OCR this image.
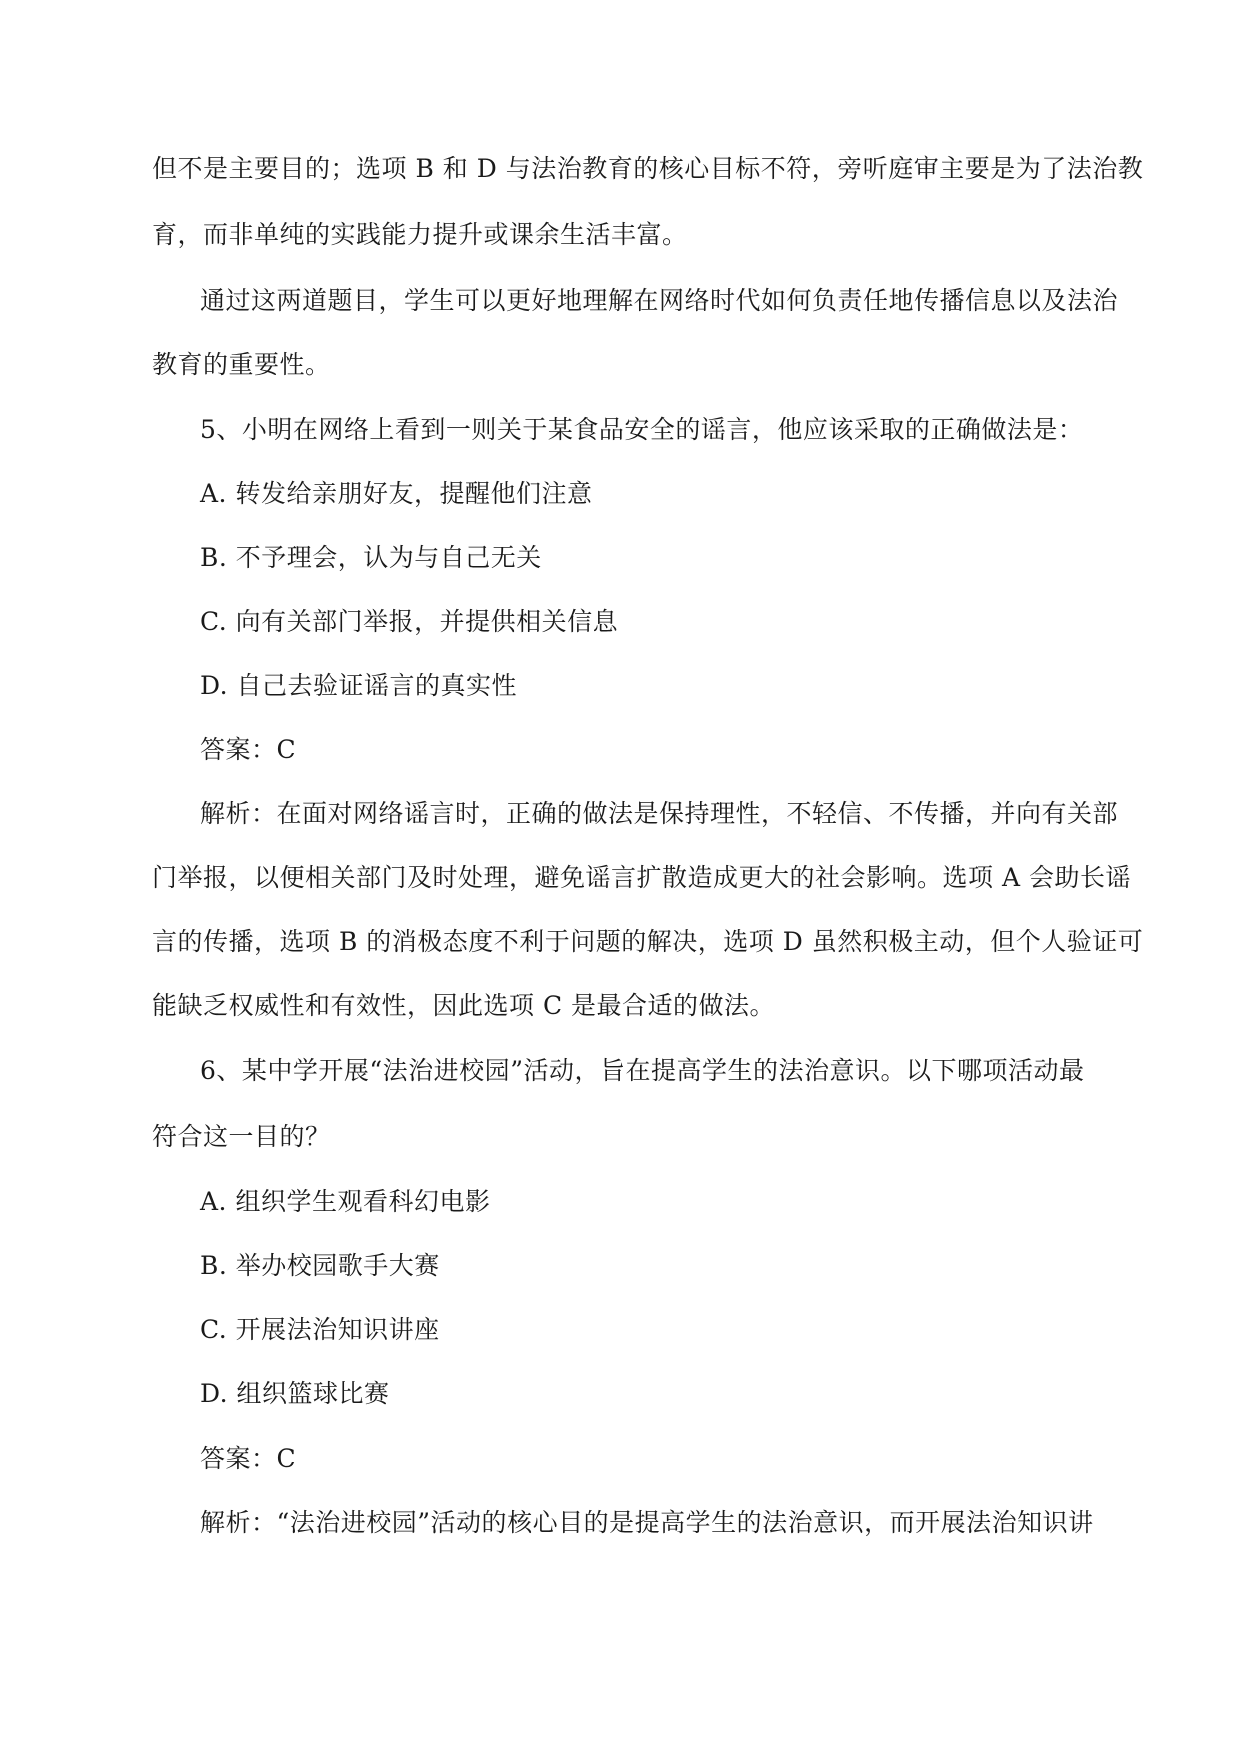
但不是主要目的；选项 B 和 D 与法治教育的核心目标不符，旁听庭审主要是为了法治教
育，而非单纯的实践能力提升或课余生活丰富。
通过这两道题目，学生可以更好地理解在网络时代如何负责任地传播信息以及法治
教育的重要性。
5、小明在网络上看到一则关于某食品安全的谣言，他应该采取的正确做法是：
A. 转发给亲朋好友，提醒他们注意
B. 不予理会，认为与自己无关
C. 向有关部门举报，并提供相关信息
D. 自己去验证谣言的真实性
答案：C
解析：在面对网络谣言时，正确的做法是保持理性，不轻信、不传播，并向有关部
门举报，以便相关部门及时处理，避免谣言扩散造成更大的社会影响。选项 A 会助长谣
言的传播，选项 B 的消极态度不利于问题的解决，选项 D 虽然积极主动，但个人验证可
能缺乏权威性和有效性，因此选项 C 是最合适的做法。
6、某中学开展“法治进校园”活动，旨在提高学生的法治意识。以下哪项活动最
符合这一目的？
A. 组织学生观看科幻电影
B. 举办校园歌手大赛
C. 开展法治知识讲座
D. 组织篮球比赛
答案：C
解析：“法治进校园”活动的核心目的是提高学生的法治意识，而开展法治知识讲
